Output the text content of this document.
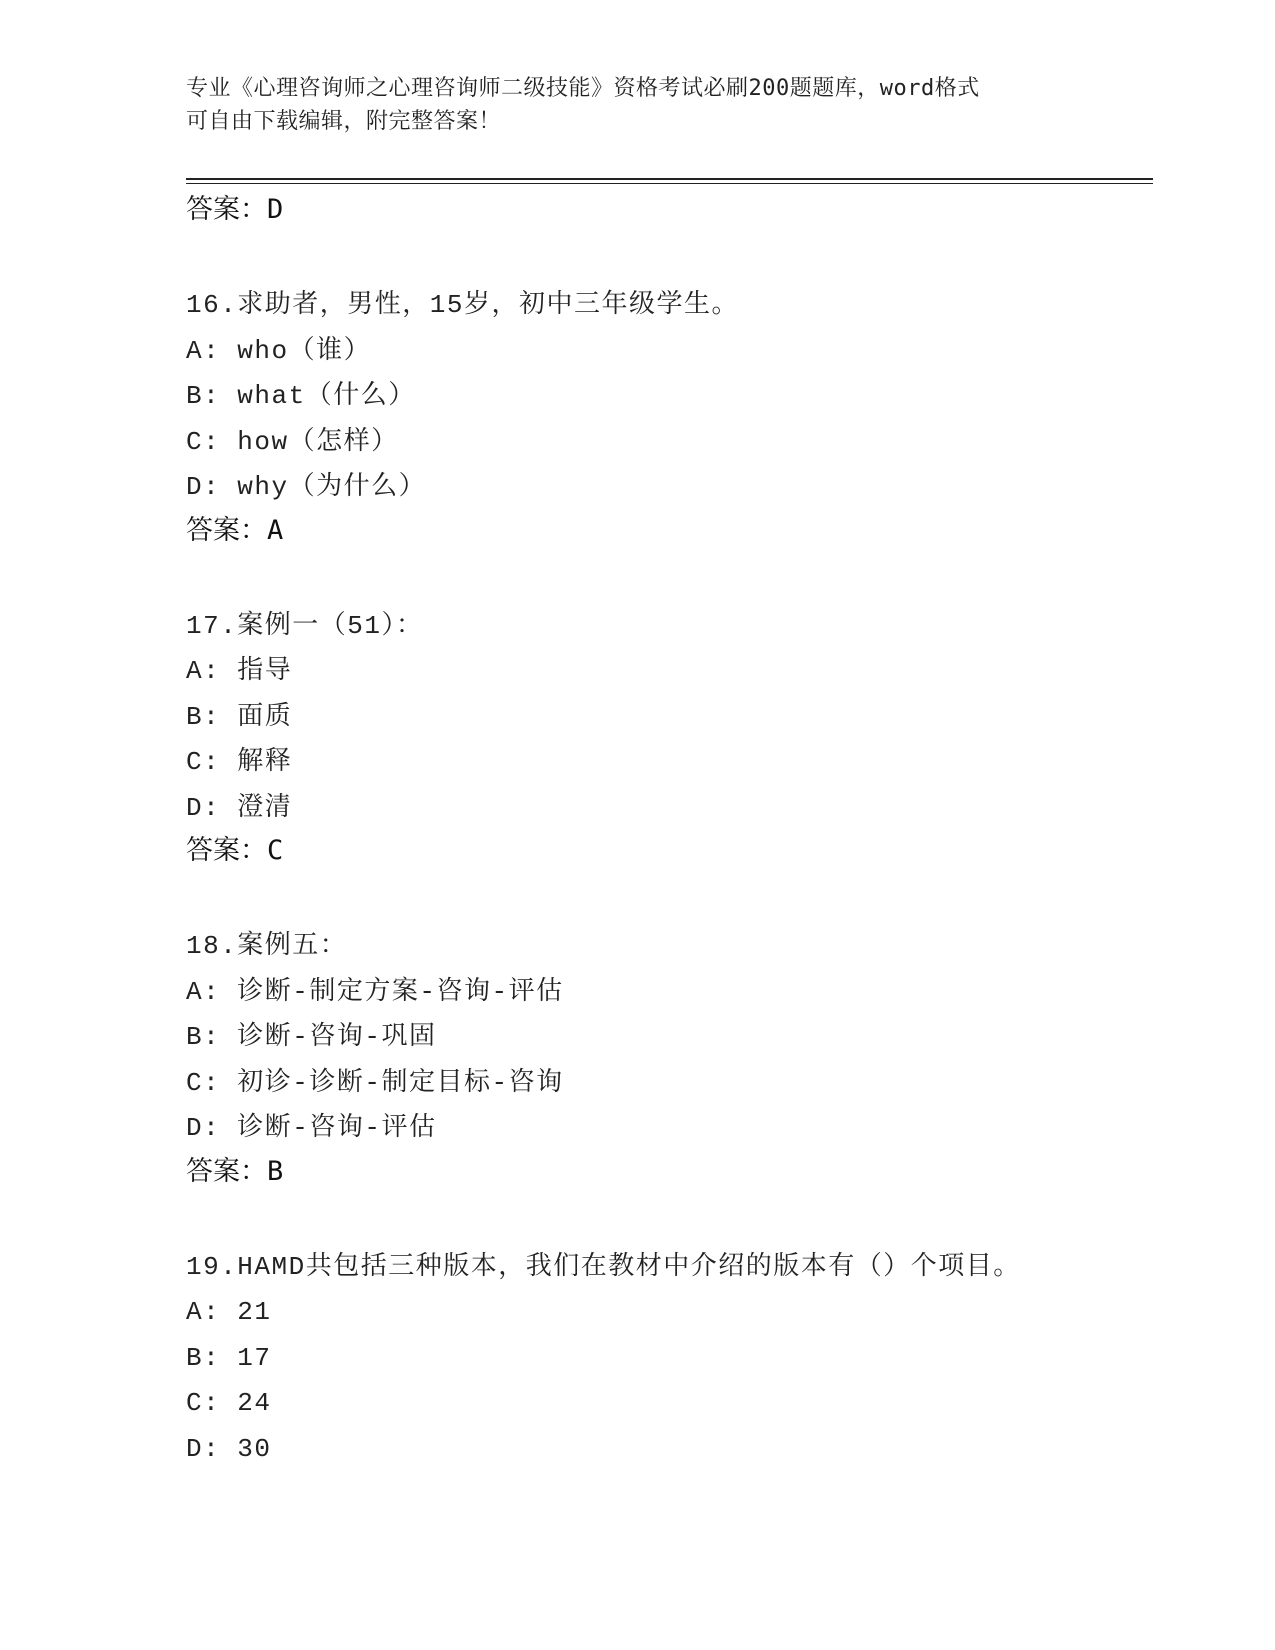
专业《心理咨询师之心理咨询师二级技能》资格考试必刷200题题库，word格式
可自由下载编辑，附完整答案！
答案：D
16.求助者，男性，15岁，初中三年级学生。
A: who（谁）
B: what（什么）
C: how（怎样）
D: why（为什么）
答案：A
17.案例一（51）：
A: 指导
B: 面质
C: 解释
D: 澄清
答案：C
18.案例五：
A: 诊断-制定方案-咨询-评估
B: 诊断-咨询-巩固
C: 初诊-诊断-制定目标-咨询
D: 诊断-咨询-评估
答案：B
19.HAMD共包括三种版本，我们在教材中介绍的版本有（）个项目。
A: 21
B: 17
C: 24
D: 30
